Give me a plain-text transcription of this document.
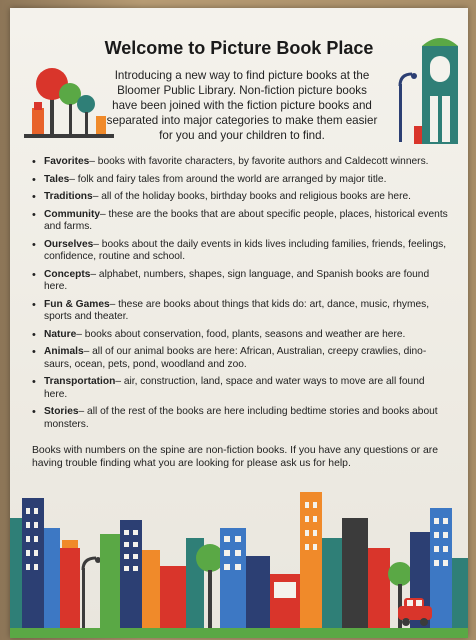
Welcome to Picture Book Place
Introducing a new way to find picture books at the Bloomer Public Library. Non-fiction picture books have been joined with the fiction picture books and separated into major categories to make them easier for you and your children to find.
• Favorites– books with favorite characters, by favorite authors and Caldecott winners.
• Tales– folk and fairy tales from around the world are arranged by major title.
• Traditions– all of the holiday books, birthday books and religious books are here.
• Community– these are the books that are about specific people, places, historical events and farms.
• Ourselves– books about the daily events in kids lives including families, friends, feelings, confidence, routine and school.
• Concepts– alphabet, numbers, shapes, sign language, and Spanish books are found here.
• Fun & Games– these are books about things that kids do: art, dance, music, rhymes, sports and theater.
• Nature– books about conservation, food, plants, seasons and weather are here.
• Animals– all of our animal books are here: African, Australian, creepy crawlies, dino-saurs, ocean, pets, pond, woodland and zoo.
• Transportation– air, construction, land, space and water ways to move are all found here.
• Stories– all of the rest of the books are here including bedtime stories and books about monsters.
Books with numbers on the spine are non-fiction books. If you have any questions or are having trouble finding what you are looking for please ask us for help.
